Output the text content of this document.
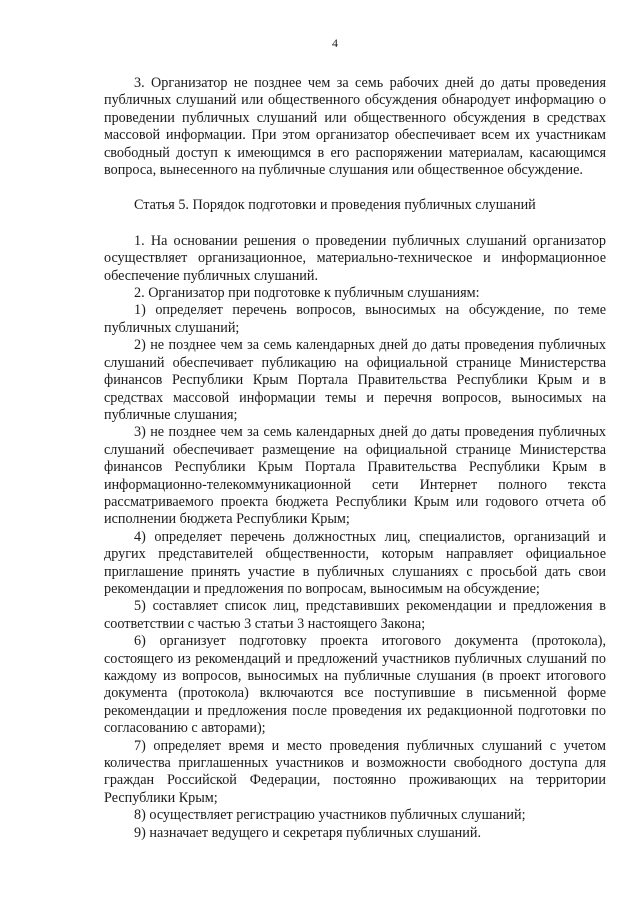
4

3. Организатор не позднее чем за семь рабочих дней до даты проведения публичных слушаний или общественного обсуждения обнародует информацию о проведении публичных слушаний или общественного обсуждения в средствах массовой информации. При этом организатор обеспечивает всем их участникам свободный доступ к имеющимся в его распоряжении материалам, касающимся вопроса, вынесенного на публичные слушания или общественное обсуждение.

Статья 5. Порядок подготовки и проведения публичных слушаний

1. На основании решения о проведении публичных слушаний организатор осуществляет организационное, материально-техническое и информационное обеспечение публичных слушаний.

2. Организатор при подготовке к публичным слушаниям:

1) определяет перечень вопросов, выносимых на обсуждение, по теме публичных слушаний;

2) не позднее чем за семь календарных дней до даты проведения публичных слушаний обеспечивает публикацию на официальной странице Министерства финансов Республики Крым Портала Правительства Республики Крым и в средствах массовой информации темы и перечня вопросов, выносимых на публичные слушания;

3) не позднее чем за семь календарных дней до даты проведения публичных слушаний обеспечивает размещение на официальной странице Министерства финансов Республики Крым Портала Правительства Республики Крым в информационно-телекоммуникационной сети Интернет полного текста рассматриваемого проекта бюджета Республики Крым или годового отчета об исполнении бюджета Республики Крым;

4) определяет перечень должностных лиц, специалистов, организаций и других представителей общественности, которым направляет официальное приглашение принять участие в публичных слушаниях с просьбой дать свои рекомендации и предложения по вопросам, выносимым на обсуждение;

5) составляет список лиц, представивших рекомендации и предложения в соответствии с частью 3 статьи 3 настоящего Закона;

6) организует подготовку проекта итогового документа (протокола), состоящего из рекомендаций и предложений участников публичных слушаний по каждому из вопросов, выносимых на публичные слушания (в проект итогового документа (протокола) включаются все поступившие в письменной форме рекомендации и предложения после проведения их редакционной подготовки по согласованию с авторами);

7) определяет время и место проведения публичных слушаний с учетом количества приглашенных участников и возможности свободного доступа для граждан Российской Федерации, постоянно проживающих на территории Республики Крым;

8) осуществляет регистрацию участников публичных слушаний;

9) назначает ведущего и секретаря публичных слушаний.
